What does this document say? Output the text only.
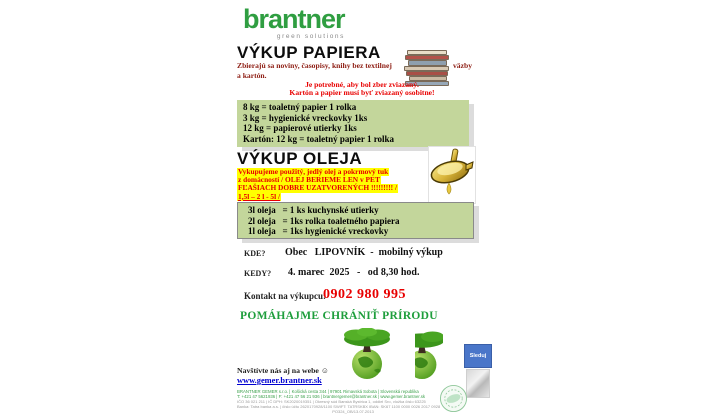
brantner
green solutions
VÝKUP PAPIERA
Zbierajú sa noviny, časopisy, knihy bez textilnej	väzby
a kartón.
Je potrebné, aby bol zber zviazaný.
Kartón a papier musí byť zviazaný osobitne!
8 kg = toaletný papier 1 rolka
3 kg = hygienické vreckovky 1ks
12 kg = papierové utierky 1ks
Kartón: 12 kg = toaletný papier 1 rolka
VÝKUP OLEJA
Vykupujeme použitý, jedlý olej a pokrmový tuk
z domácností / OLEJ BERIEME LEN v PET
FĽAŠIACH DOBRE UZATVORENÝCH !!!!!!!!! /
1,5l – 2 l - 5l /
3l oleja   = 1 ks kuchynské utierky
2l oleja   = 1ks rolka toaletného papiera
1l oleja   = 1ks hygienické vreckovky
KDE? Obec   LIPOVNÍK  -  mobilný výkup
KEDY? 4. marec  2025   -   od 8,30 hod.
Kontakt na výkupcu:
0902 980 995
POMÁHAJME CHRÁNIŤ PRÍRODU
Navštívte nás aj na webe ☺
www.gemer.brantner.sk
BRANTNER GEMER s.r.o. | Košická cesta 344 | 97901 Rimavská Sobota | Slovenská republika
T: +421 47 5621936 | F: +421 47 56 21 936 | brantnergemer@brantner.sk | www.gemer.brantner.sk
IČO 36 021 211 | IČ DPH: SK2020019351 | Okresný súd Banská Bystrica 1, oddiel Sro, vložka číslo 63225
Banka: Tatra banka a.s. | číslo účtu 2620170928/1100 SWIFT: TATRSKBX IBAN: SK67 1100 0000 0026 2017 0928
PO324_OB/13.07.2013
Sleduj
